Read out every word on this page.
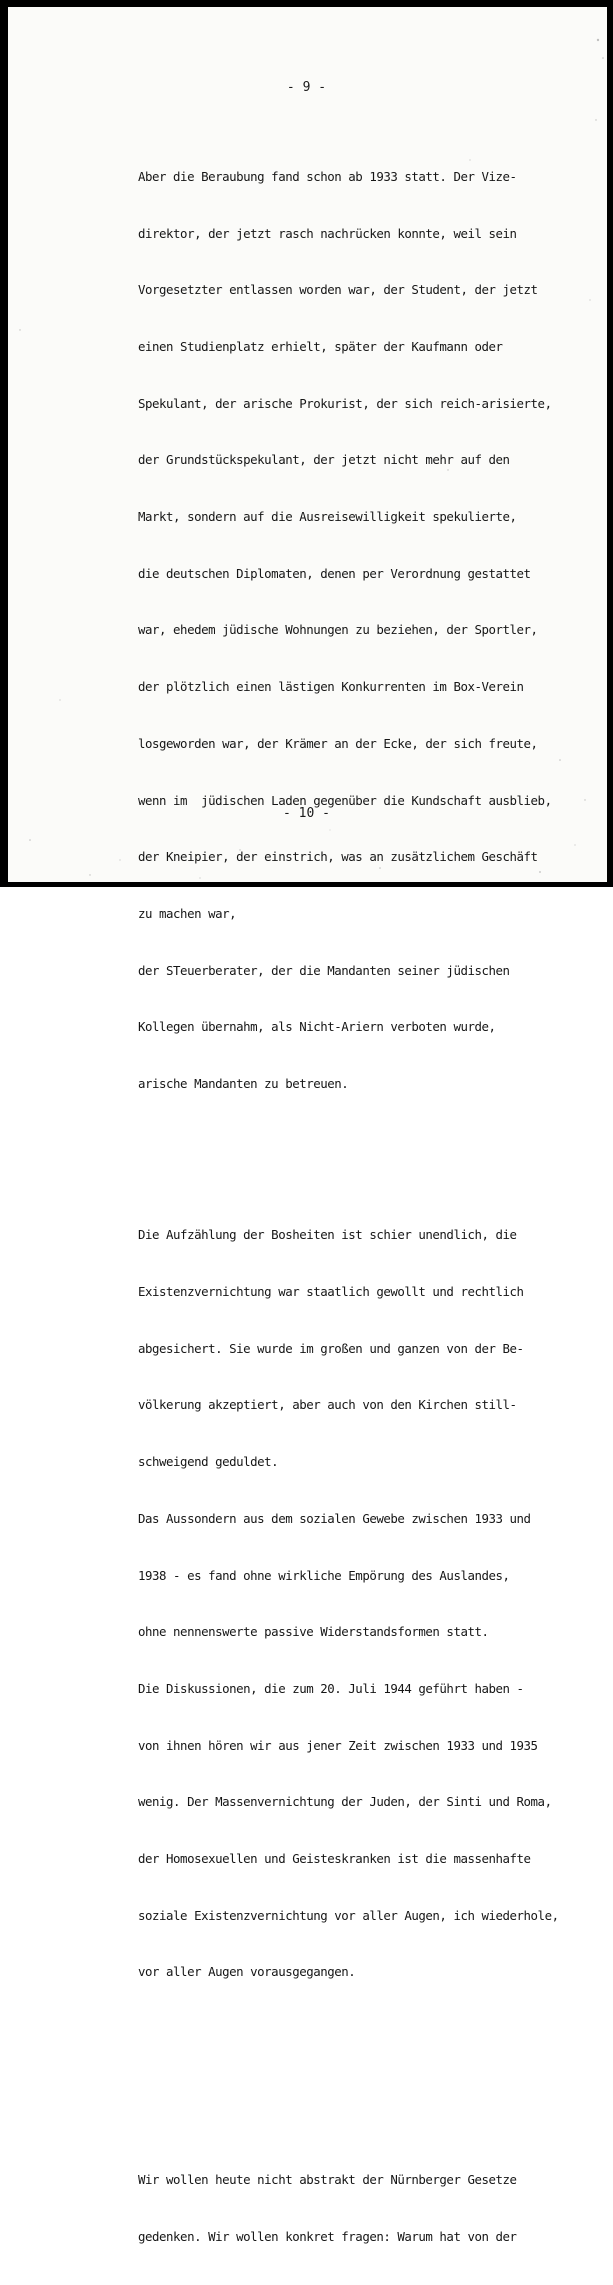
- 9 -

Aber die Beraubung fand schon ab 1933 statt. Der Vize-

direktor, der jetzt rasch nachrücken konnte, weil sein

Vorgesetzter entlassen worden war, der Student, der jetzt

einen Studienplatz erhielt, später der Kaufmann oder

Spekulant, der arische Prokurist, der sich reich-arisierte,

der Grundstückspekulant, der jetzt nicht mehr auf den

Markt, sondern auf die Ausreisewilligkeit spekulierte,

die deutschen Diplomaten, denen per Verordnung gestattet

war, ehedem jüdische Wohnungen zu beziehen, der Sportler,

der plötzlich einen lästigen Konkurrenten im Box-Verein

losgeworden war, der Krämer an der Ecke, der sich freute,

wenn im  jüdischen Laden gegenüber die Kundschaft ausblieb,

der Kneipier, der einstrich, was an zusätzlichem Geschäft

zu machen war,

der STeuerberater, der die Mandanten seiner jüdischen

Kollegen übernahm, als Nicht-Ariern verboten wurde,

arische Mandanten zu betreuen.

Die Aufzählung der Bosheiten ist schier unendlich, die

Existenzvernichtung war staatlich gewollt und rechtlich

abgesichert. Sie wurde im großen und ganzen von der Be-

völkerung akzeptiert, aber auch von den Kirchen still-

schweigend geduldet.

Das Aussondern aus dem sozialen Gewebe zwischen 1933 und

1938 - es fand ohne wirkliche Empörung des Auslandes,

ohne nennenswerte passive Widerstandsformen statt.

Die Diskussionen, die zum 20. Juli 1944 geführt haben -

von ihnen hören wir aus jener Zeit zwischen 1933 und 1935

wenig. Der Massenvernichtung der Juden, der Sinti und Roma,

der Homosexuellen und Geisteskranken ist die massenhafte

soziale Existenzvernichtung vor aller Augen, ich wiederhole,

vor aller Augen vorausgegangen.

Wir wollen heute nicht abstrakt der Nürnberger Gesetze

gedenken. Wir wollen konkret fragen: Warum hat von der

- 10 -
